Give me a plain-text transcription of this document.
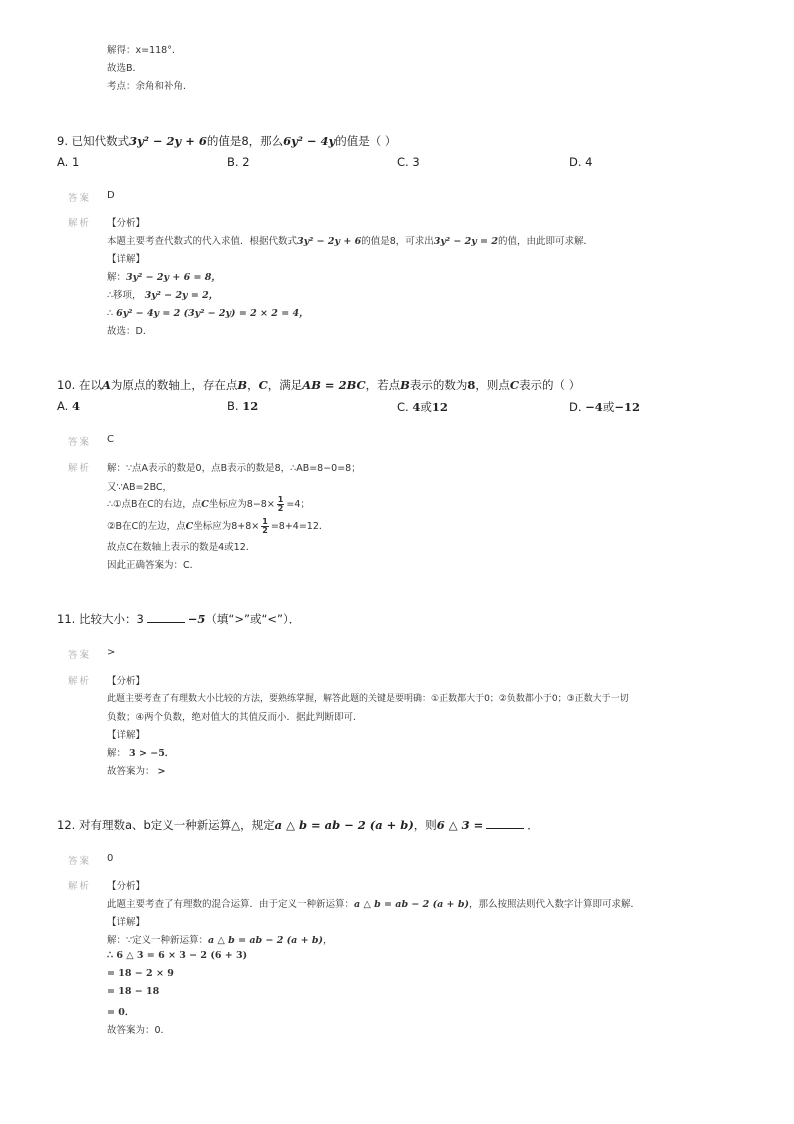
解得：x=118°．
故选B．
考点：余角和补角．
9. 已知代数式3y² − 2y + 6的值是8，那么6y² − 4y的值是（ ）
A. 1	B. 2	C. 3	D. 4
答案 D
解析 【分析】
本题主要考查代数式的代入求值．根据代数式3y² − 2y + 6的值是8，可求出3y² − 2y = 2的值，由此即可求解．
【详解】
解：3y² − 2y + 6 = 8，
∴移项， 3y² − 2y = 2，
∴ 6y² − 4y = 2 (3y² − 2y) = 2 × 2 = 4，
故选：D．
10. 在以A为原点的数轴上，存在点B，C，满足AB = 2BC，若点B表示的数为8，则点C表示的（ ）
A. 4	B. 12	C. 4或12	D. −4或−12
答案 C
解析 解：∵点A表示的数是0，点B表示的数是8，∴AB=8−0=8；
又∵AB=2BC，
∴①点B在C的右边，点C坐标应为$8-8\times \frac{1}{2} =4$；
②B在C的左边，点C坐标应为$8+8\times \frac{1}{2} =8+4=12$．
故点C在数轴上表示的数是4或12．
因此正确答案为：C．
11. 比较大小：3	−5（填“>”或“<”）．
答案 >
解析 【分析】
此题主要考查了有理数大小比较的方法，要熟练掌握，解答此题的关键是要明确：①正数都大于0；②负数都小于0；③正数大于一切
负数；④两个负数，绝对值大的其值反而小．据此判断即可．
【详解】
解： 3 > −5．
故答案为： >
12. 对有理数a、b定义一种新运算△，规定a △ b = ab − 2 (a + b)，则6 △ 3 =	．
答案 0
解析 【分析】
此题主要考查了有理数的混合运算．由于定义一种新运算：a △ b = ab − 2 (a + b)，那么按照法则代入数字计算即可求解．
【详解】
解：∵定义一种新运算：a △ b = ab − 2 (a + b)，
∴ 6 △ 3 = 6 × 3 − 2 (6 + 3)
= 18 − 2 × 9
= 18 − 18
= 0．
故答案为：0．
